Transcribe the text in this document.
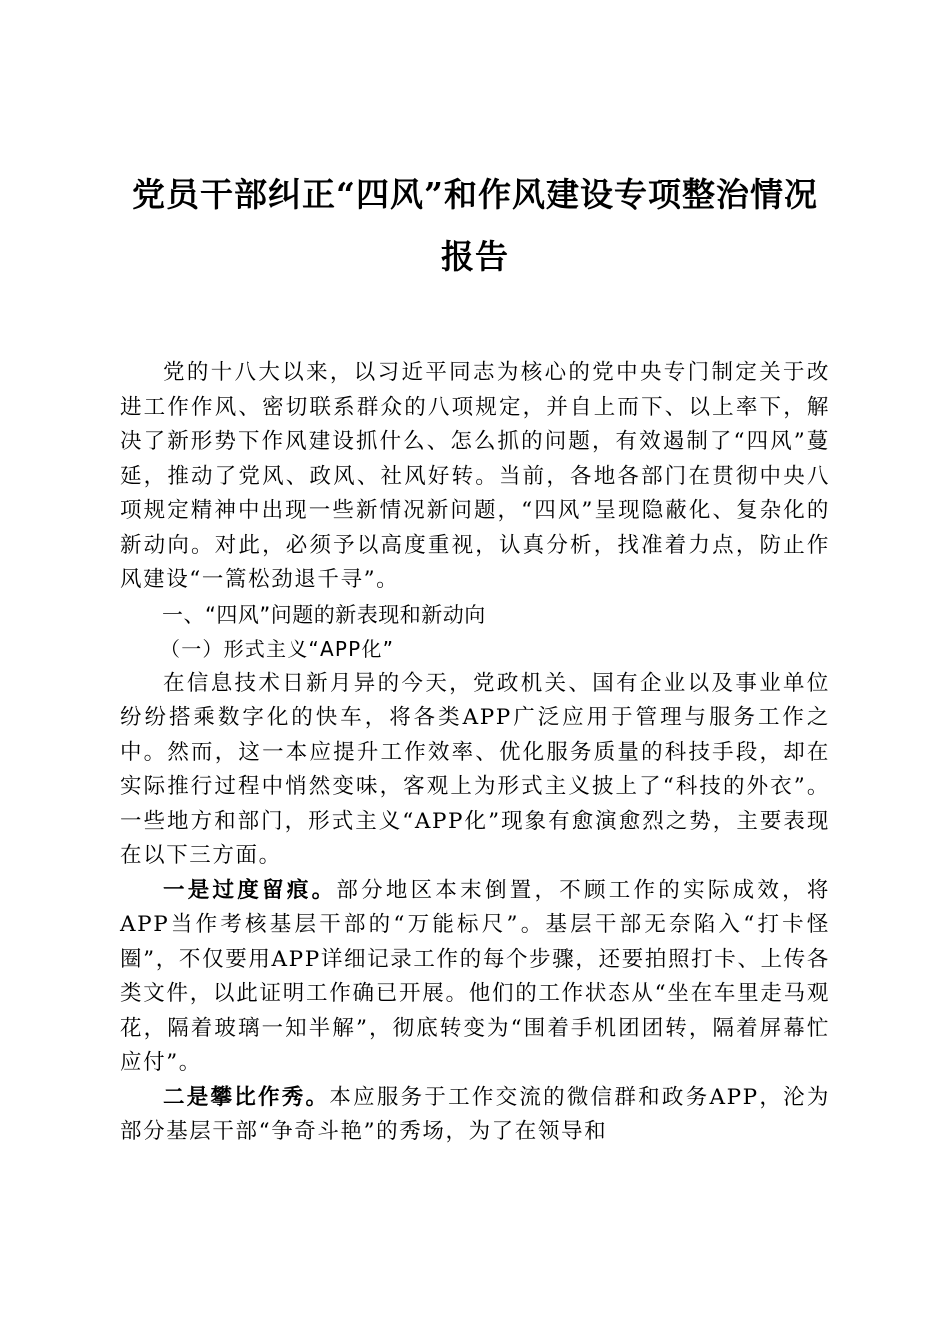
党员干部纠正“四风”和作风建设专项整治情况报告

党的十八大以来，以习近平同志为核心的党中央专门制定关于改进工作作风、密切联系群众的八项规定，并自上而下、以上率下，解决了新形势下作风建设抓什么、怎么抓的问题，有效遏制了“四风”蔓延，推动了党风、政风、社风好转。当前，各地各部门在贯彻中央八项规定精神中出现一些新情况新问题，“四风”呈现隐蔽化、复杂化的新动向。对此，必须予以高度重视，认真分析，找准着力点，防止作风建设“一篙松劲退千寻”。

一、“四风”问题的新表现和新动向

（一）形式主义“APP化”

在信息技术日新月异的今天，党政机关、国有企业以及事业单位纷纷搭乘数字化的快车，将各类APP广泛应用于管理与服务工作之中。然而，这一本应提升工作效率、优化服务质量的科技手段，却在实际推行过程中悄然变味，客观上为形式主义披上了“科技的外衣”。一些地方和部门，形式主义“APP化”现象有愈演愈烈之势，主要表现在以下三方面。

一是过度留痕。部分地区本末倒置，不顾工作的实际成效，将APP当作考核基层干部的“万能标尺”。基层干部无奈陷入“打卡怪圈”，不仅要用APP详细记录工作的每个步骤，还要拍照打卡、上传各类文件，以此证明工作确已开展。他们的工作状态从“坐在车里走马观花，隔着玻璃一知半解”，彻底转变为“围着手机团团转，隔着屏幕忙应付”。

二是攀比作秀。本应服务于工作交流的微信群和政务APP，沦为部分基层干部“争奇斗艳”的秀场，为了在领导和
